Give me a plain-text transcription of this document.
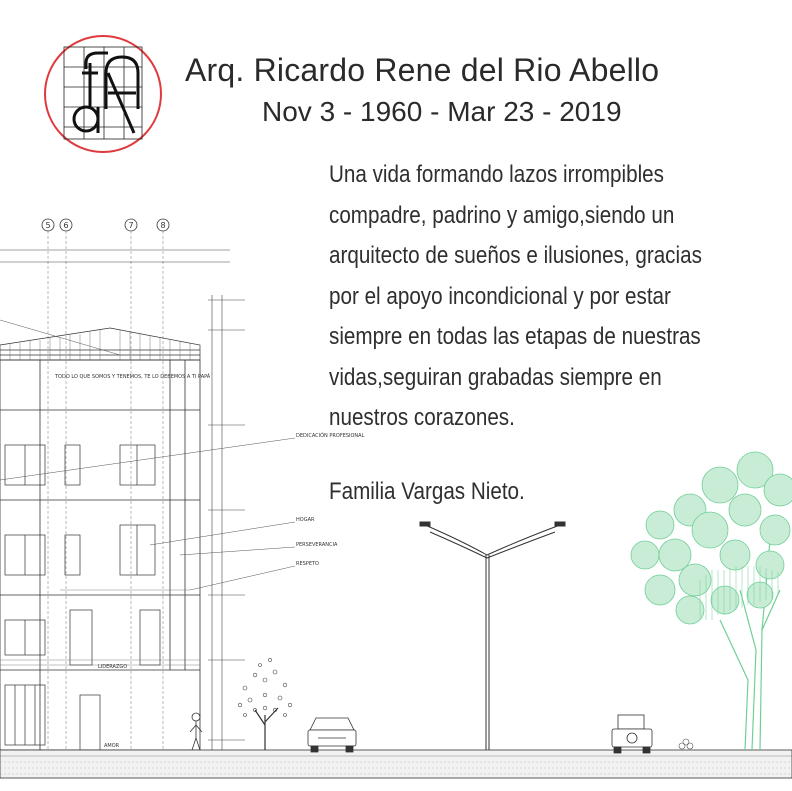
Arq. Ricardo Rene del Rio Abello
Nov 3 - 1960 - Mar 23 - 2019

Una vida formando lazos irrompibles

compadre, padrino y amigo,siendo un

arquitecto de sueños e ilusiones, gracias

por el apoyo incondicional y por estar

siempre en todas las etapas de nuestras

vidas,seguiran grabadas siempre en

nuestros corazones.

Familia Vargas Nieto.
5 6	7	8
TODO LO QUE SOMOS Y TENEMOS, TE LO DEBEMOS A TI PAPÁ
DEDICACIÓN PROFESIONAL
HOGAR
PERSEVERANCIA
RESPETO
LIDERAZGO
AMOR
